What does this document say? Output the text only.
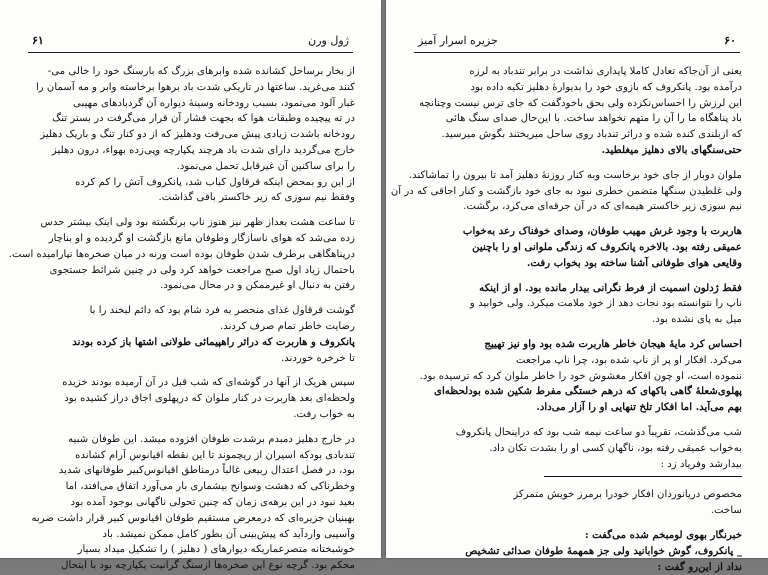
۶۱	ژول ورن
از بخار برساحل کشانده شده وابرهای بزرگ که بارسنگ خود را خالی می-
کنند می‌غرید. ساعتها در تاریکی شدت باد برهوا برخاسته وابر و مه آسمان را
غبار آلود می‌نمود، بسبب رودخانه وسینهٔ دیواره آن گردبادهای مهیبی
در ته پیچیده وطبقات هوا که بجهت فشار آن قرار می‌گرفت در بستر تنگ
رودخانه باشدت زیادی پیش می‌رفت ودهلیز که از دو کنار تنگ و باریک دهلیز
خارج می‌گردید دارای شدت باد هرچند پکپارچه وپی‌زده بهواء، درون دهلیز
را برای ساکنین آن غیرقابل تحمل می‌نمود.
از این رو بمحض اینکه قرقاول کباب شد، پانکروف آتش را کم کرده
وفقط نیم سوزی که زیر خاکستر باقی گذاشت.
تا ساعت هشت بعداز ظهر نیز هنوز ناپ برنگشته بود ولی اینک بیشتر حدس
زده می‌شد که هوای ناسازگار وطوفان مانع بازگشت او گردیده و او بناچار
درپناهگاهی برطرف شدن طوفان بوده است ورنه در میان صخره‌ها نپارامیده است.
باحتمال زیاد اول صبح مراجعت خواهد کرد ولی در چنین شرائط جستجوی
رفتن به دنبال او غیرممکن و در محال می‌نمود.
گوشت قرقاول غذای منحصر به فرد شام بود که دائم لبخند را با
رضایت خاطر تمام صرف کردند.
پانکروف و هاربرت که دراثر راهپیمائی طولانی اشتها باز کرده بودند
تا خرخره خوردند.
سپس هریک از آنها در گوشه‌ای که شب قبل در آن آرمیده بودند خزیده
ولحظه‌ای بعد هاربرت در کنار ملوان که درپهلوی اجاق دراز کشیده بود
به خواب رفت.
در خارج دهلیز دمبدم برشدت طوفان افزوده میشد. این طوفان شبیه
تندبادی بودکه اسیران از ریچموند تا این نقطه اقیانوس آرام کشانده
بود، در فصل اعتدال ربیعی غالباً درمناطق اقیانوس‌کبیر طوفانهای شدید
وخطرناکی که دهشت وسوانح بیشماری بار می‌آورد اتفاق می‌افتد، اما
بعید نبود در این برهه‌ی زمان که چنین تحولی ناگهانی بوجود آمده بود
بهبنیان جزیره‌ای که درمعرض مستقیم طوفان اقیانوس کبیر قرار داشت ضربه
وآسیبی واردآید که پیش‌بینی آن بطور کامل ممکن نمیشد. باد
خوشبختانه متصرعماریکه دیوارهای ( دهلیز ) را تشکیل میداد بسیار
محکم بود. گرچه نوع این صخره‌ها ازسنگ گرانیت یکپارچه بود با ایتحال
۶۰
جزیره اسرار آمیز
یعنی از آن‌جاکه تعادل کاملا پایداری نداشت در برابر تندباد به لرزه
درآمده بود. پانکروف که بازوی خود را بدیوارهٔ دهلیز تکیه داده بود
این لرزش را احساس‌نکرده ولی بحق باخودگفت که جای ترس نیست وچنانچه
باد پناهگاه ما را آن را متهم نخواهد ساخت. با این‌حال صدای سنگ هائی
که ازبلندی‌ کنده شده و دراثر تندباد روی ساحل میریختند بگوش میرسید.
حتی‌سنگهای بالای دهلیز میغلطید.
ملوان دوبار از جای خود برخاست وبه کنار روزنهٔ دهلیز آمد تا بیرون را تماشاکند.
ولی غلطیدن سنگها متضمن خطری نبود به جای خود بازگشت و کنار اجاقی که در آن
نیم سوزی زیر خاکستر هیمه‌ای که در آن جرقه‌ای می‌کرد، برگشت.
هاربرت با وجود غرش مهیب طوفان، وصدای خوفناک رعد به‌خواب
عمیقی رفته بود. بالاخره پانکروف که زندگی ملوانی او را باچنین
وقایعی هوای طوفانی آشنا ساخته بود بخواب رفت.
فقط ژدلون اسمیت از فرط نگرانی بیدار مانده بود. او از اینکه
ناپ را نتوانسته بود نجات دهد از خود ملامت میکرد. ولی خوابید و
میل به پای نشده بود.
احساس کرد مایهٔ هیجان خاطر هاربرت شده بود واو نیز تهییج
می‌کرد. افکار او پر از ناپ شده بود، چرا ناپ مراجعت
ننموده است، او چون افکار مغشوش خود را خاطر ملوان کرد که ترسیده بود.
پهلوی‌شعلهٔ گاهی باکهای که درهم خستگی مفرط شکین شده بودلحظه‌ای
بهم می‌آید. اما افکار تلخ تنهایی او را آزار می‌داد.
شب می‌گذشت، تقریباً دو ساعت نیمه شب بود که دراینحال پانکروف
به‌خواب عمیقی رفته بود، ناگهان کسی او را بشدت تکان داد.
بیدارشد وفریاد زد :
مخصوص دریانوردان افکار خودرا برمرز خویش متمرکز
ساخت.
خبرنگار بهوی لومبخم شده می‌گفت :
_ پانکروف، گوش خوابانید ولی جز همهمهٔ طوفان صدائی تشخیص
نداد از این‌رو گفت :
